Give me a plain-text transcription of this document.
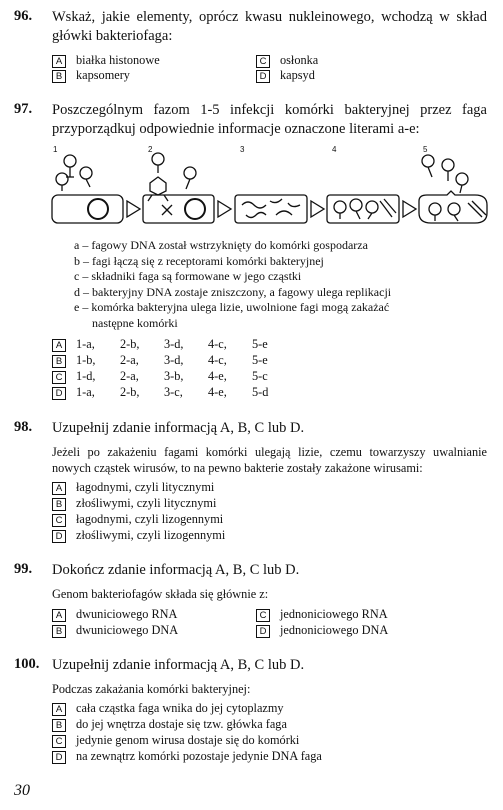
96. Wskaż, jakie elementy, oprócz kwasu nukleinowego, wchodzą w skład główki bakteriofaga:
A białka histonowe
B kapsomery
C osłonka
D kapsyd
97. Poszczególnym fazom 1-5 infekcji komórki bakteryjnej przez faga przyporządkuj odpowiednie informacje oznaczone literami a-e:
1	2	3	4	5
a – fagowy DNA został wstrzyknięty do komórki gospodarza
b – fagi łączą się z receptorami komórki bakteryjnej
c – składniki faga są formowane w jego cząstki
d – bakteryjny DNA zostaje zniszczony, a fagowy ulega replikacji
e – komórka bakteryjna ulega lizie, uwolnione fagi mogą zakażać
następne komórki
A 1-a, 2-b, 3-d, 4-c, 5-e
B 1-b, 2-a, 3-d, 4-c, 5-e
C 1-d, 2-a, 3-b, 4-e, 5-c
D 1-a, 2-b, 3-c, 4-e, 5-d
98. Uzupełnij zdanie informacją A, B, C lub D.
Jeżeli po zakażeniu fagami komórki ulegają lizie, czemu towarzyszy uwalnianie nowych cząstek wirusów, to na pewno bakterie zostały zakażone wirusami:
A łagodnymi, czyli litycznymi
B złośliwymi, czyli litycznymi
C łagodnymi, czyli lizogennymi
D złośliwymi, czyli lizogennymi
99. Dokończ zdanie informacją A, B, C lub D.
Genom bakteriofagów składa się głównie z:
A dwuniciowego RNA
B dwuniciowego DNA
C jednoniciowego RNA
D jednoniciowego DNA
100. Uzupełnij zdanie informacją A, B, C lub D.
Podczas zakażania komórki bakteryjnej:
A cała cząstka faga wnika do jej cytoplazmy
B do jej wnętrza dostaje się tzw. główka faga
C jedynie genom wirusa dostaje się do komórki
D na zewnątrz komórki pozostaje jedynie DNA faga
30
